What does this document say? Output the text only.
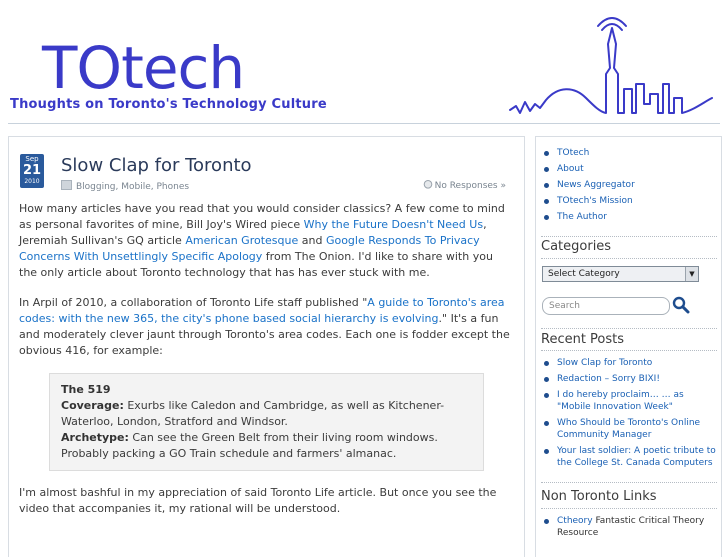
TOtech
Thoughts on Toronto's Technology Culture
Sep
21
2010
Slow Clap for Toronto
Blogging, Mobile, Phones	No Responses »

How many articles have you read that you would consider classics? A few come to mind as personal favorites of mine, Bill Joy's Wired piece Why the Future Doesn't Need Us, Jeremiah Sullivan's GQ article American Grotesque and Google Responds To Privacy Concerns With Unsettlingly Specific Apology from The Onion. I'd like to share with you the only article about Toronto technology that has has ever stuck with me.

In Arpil of 2010, a collaboration of Toronto Life staff published "A guide to Toronto's area codes: with the new 365, the city's phone based social hierarchy is evolving." It's a fun and moderately clever jaunt through Toronto's area codes. Each one is fodder except the obvious 416, for example:

The 519
Coverage: Exurbs like Caledon and Cambridge, as well as Kitchener-Waterloo, London, Stratford and Windsor.
Archetype: Can see the Green Belt from their living room windows. Probably packing a GO Train schedule and farmers' almanac.

I'm almost bashful in my appreciation of said Toronto Life article. But once you see the video that accompanies it, my rational will be understood.

TOtech
About
News Aggregator
TOtech's Mission
The Author
Categories
Select Category	▼
Search
Recent Posts
Slow Clap for Toronto
Redaction – Sorry BIXI!
I do hereby proclaim… … as "Mobile Innovation Week"
Who Should be Toronto's Online Community Manager
Your last soldier: A poetic tribute to the College St. Canada Computers
Non Toronto Links
Ctheory Fantastic Critical Theory Resource
